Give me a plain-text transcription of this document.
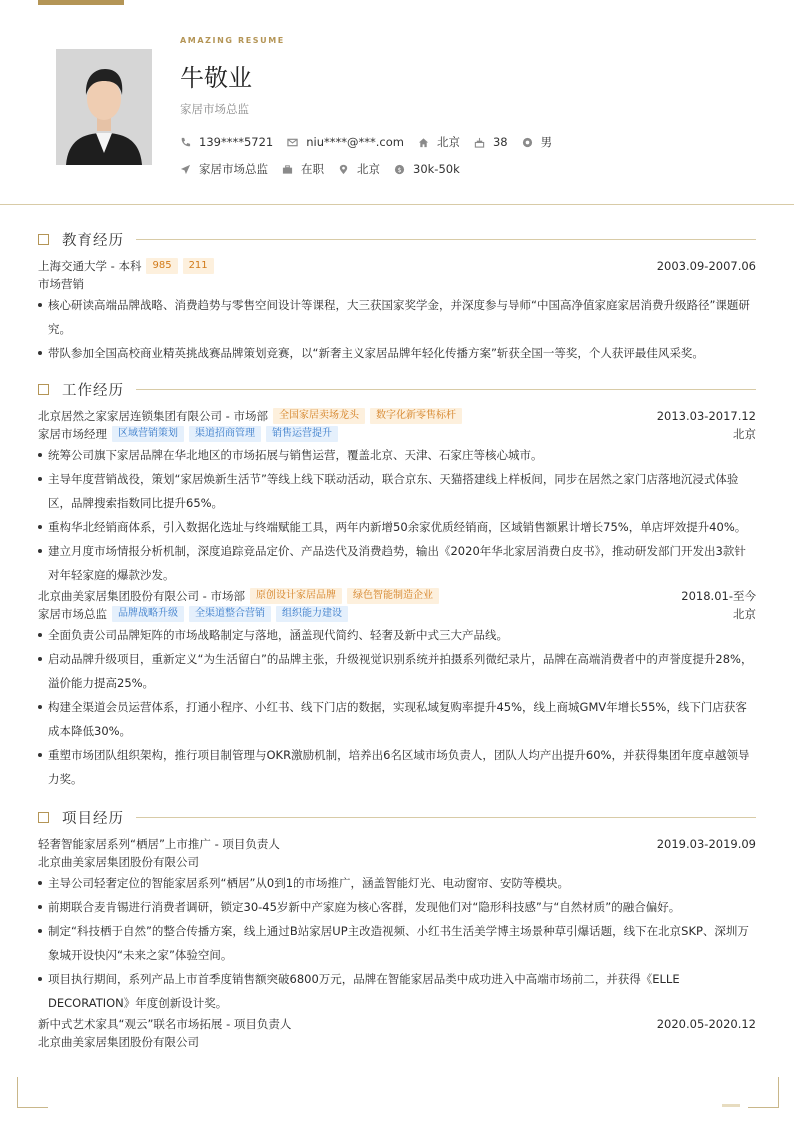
AMAZING RESUME
牛敬业
家居市场总监
139****5721	niu****@***.com	北京	38	男
家居市场总监	在职	北京 $ 30k-50k
教育经历
上海交通大学 - 本科	985	211	2003.09-2007.06
市场营销
核心研读高端品牌战略、消费趋势与零售空间设计等课程，大三获国家奖学金，并深度参与导师“中国高净值家庭家居消费升级路径”课题研究。
带队参加全国高校商业精英挑战赛品牌策划竞赛，以“新奢主义家居品牌年轻化传播方案”斩获全国一等奖，个人获评最佳风采奖。
工作经历
北京居然之家家居连锁集团有限公司 - 市场部	全国家居卖场龙头	数字化新零售标杆	2013.03-2017.12
家居市场经理	区域营销策划	渠道招商管理	销售运营提升	北京
统筹公司旗下家居品牌在华北地区的市场拓展与销售运营，覆盖北京、天津、石家庄等核心城市。
主导年度营销战役，策划“家居焕新生活节”等线上线下联动活动，联合京东、天猫搭建线上样板间，同步在居然之家门店落地沉浸式体验区，品牌搜索指数同比提升65%。
重构华北经销商体系，引入数据化选址与终端赋能工具，两年内新增50余家优质经销商，区域销售额累计增长75%，单店坪效提升40%。
建立月度市场情报分析机制，深度追踪竞品定价、产品迭代及消费趋势，输出《2020年华北家居消费白皮书》，推动研发部门开发出3款针对年轻家庭的爆款沙发。
北京曲美家居集团股份有限公司 - 市场部	原创设计家居品牌	绿色智能制造企业	2018.01-至今
家居市场总监	品牌战略升级	全渠道整合营销	组织能力建设	北京
全面负责公司品牌矩阵的市场战略制定与落地，涵盖现代简约、轻奢及新中式三大产品线。
启动品牌升级项目，重新定义“为生活留白”的品牌主张，升级视觉识别系统并拍摄系列微纪录片，品牌在高端消费者中的声誉度提升28%，溢价能力提高25%。
构建全渠道会员运营体系，打通小程序、小红书、线下门店的数据，实现私域复购率提升45%，线上商城GMV年增长55%，线下门店获客成本降低30%。
重塑市场团队组织架构，推行项目制管理与OKR激励机制，培养出6名区域市场负责人，团队人均产出提升60%，并获得集团年度卓越领导力奖。
项目经历
轻奢智能家居系列“栖居”上市推广 - 项目负责人	2019.03-2019.09
北京曲美家居集团股份有限公司
主导公司轻奢定位的智能家居系列“栖居”从0到1的市场推广，涵盖智能灯光、电动窗帘、安防等模块。
前期联合麦肯锡进行消费者调研，锁定30-45岁新中产家庭为核心客群，发现他们对“隐形科技感”与“自然材质”的融合偏好。
制定“科技栖于自然”的整合传播方案，线上通过B站家居UP主改造视频、小红书生活美学博主场景种草引爆话题，线下在北京SKP、深圳万象城开设快闪“未来之家”体验空间。
项目执行期间，系列产品上市首季度销售额突破6800万元，品牌在智能家居品类中成功进入中高端市场前二，并获得《ELLE DECORATION》年度创新设计奖。
新中式艺术家具“观云”联名市场拓展 - 项目负责人	2020.05-2020.12
北京曲美家居集团股份有限公司
